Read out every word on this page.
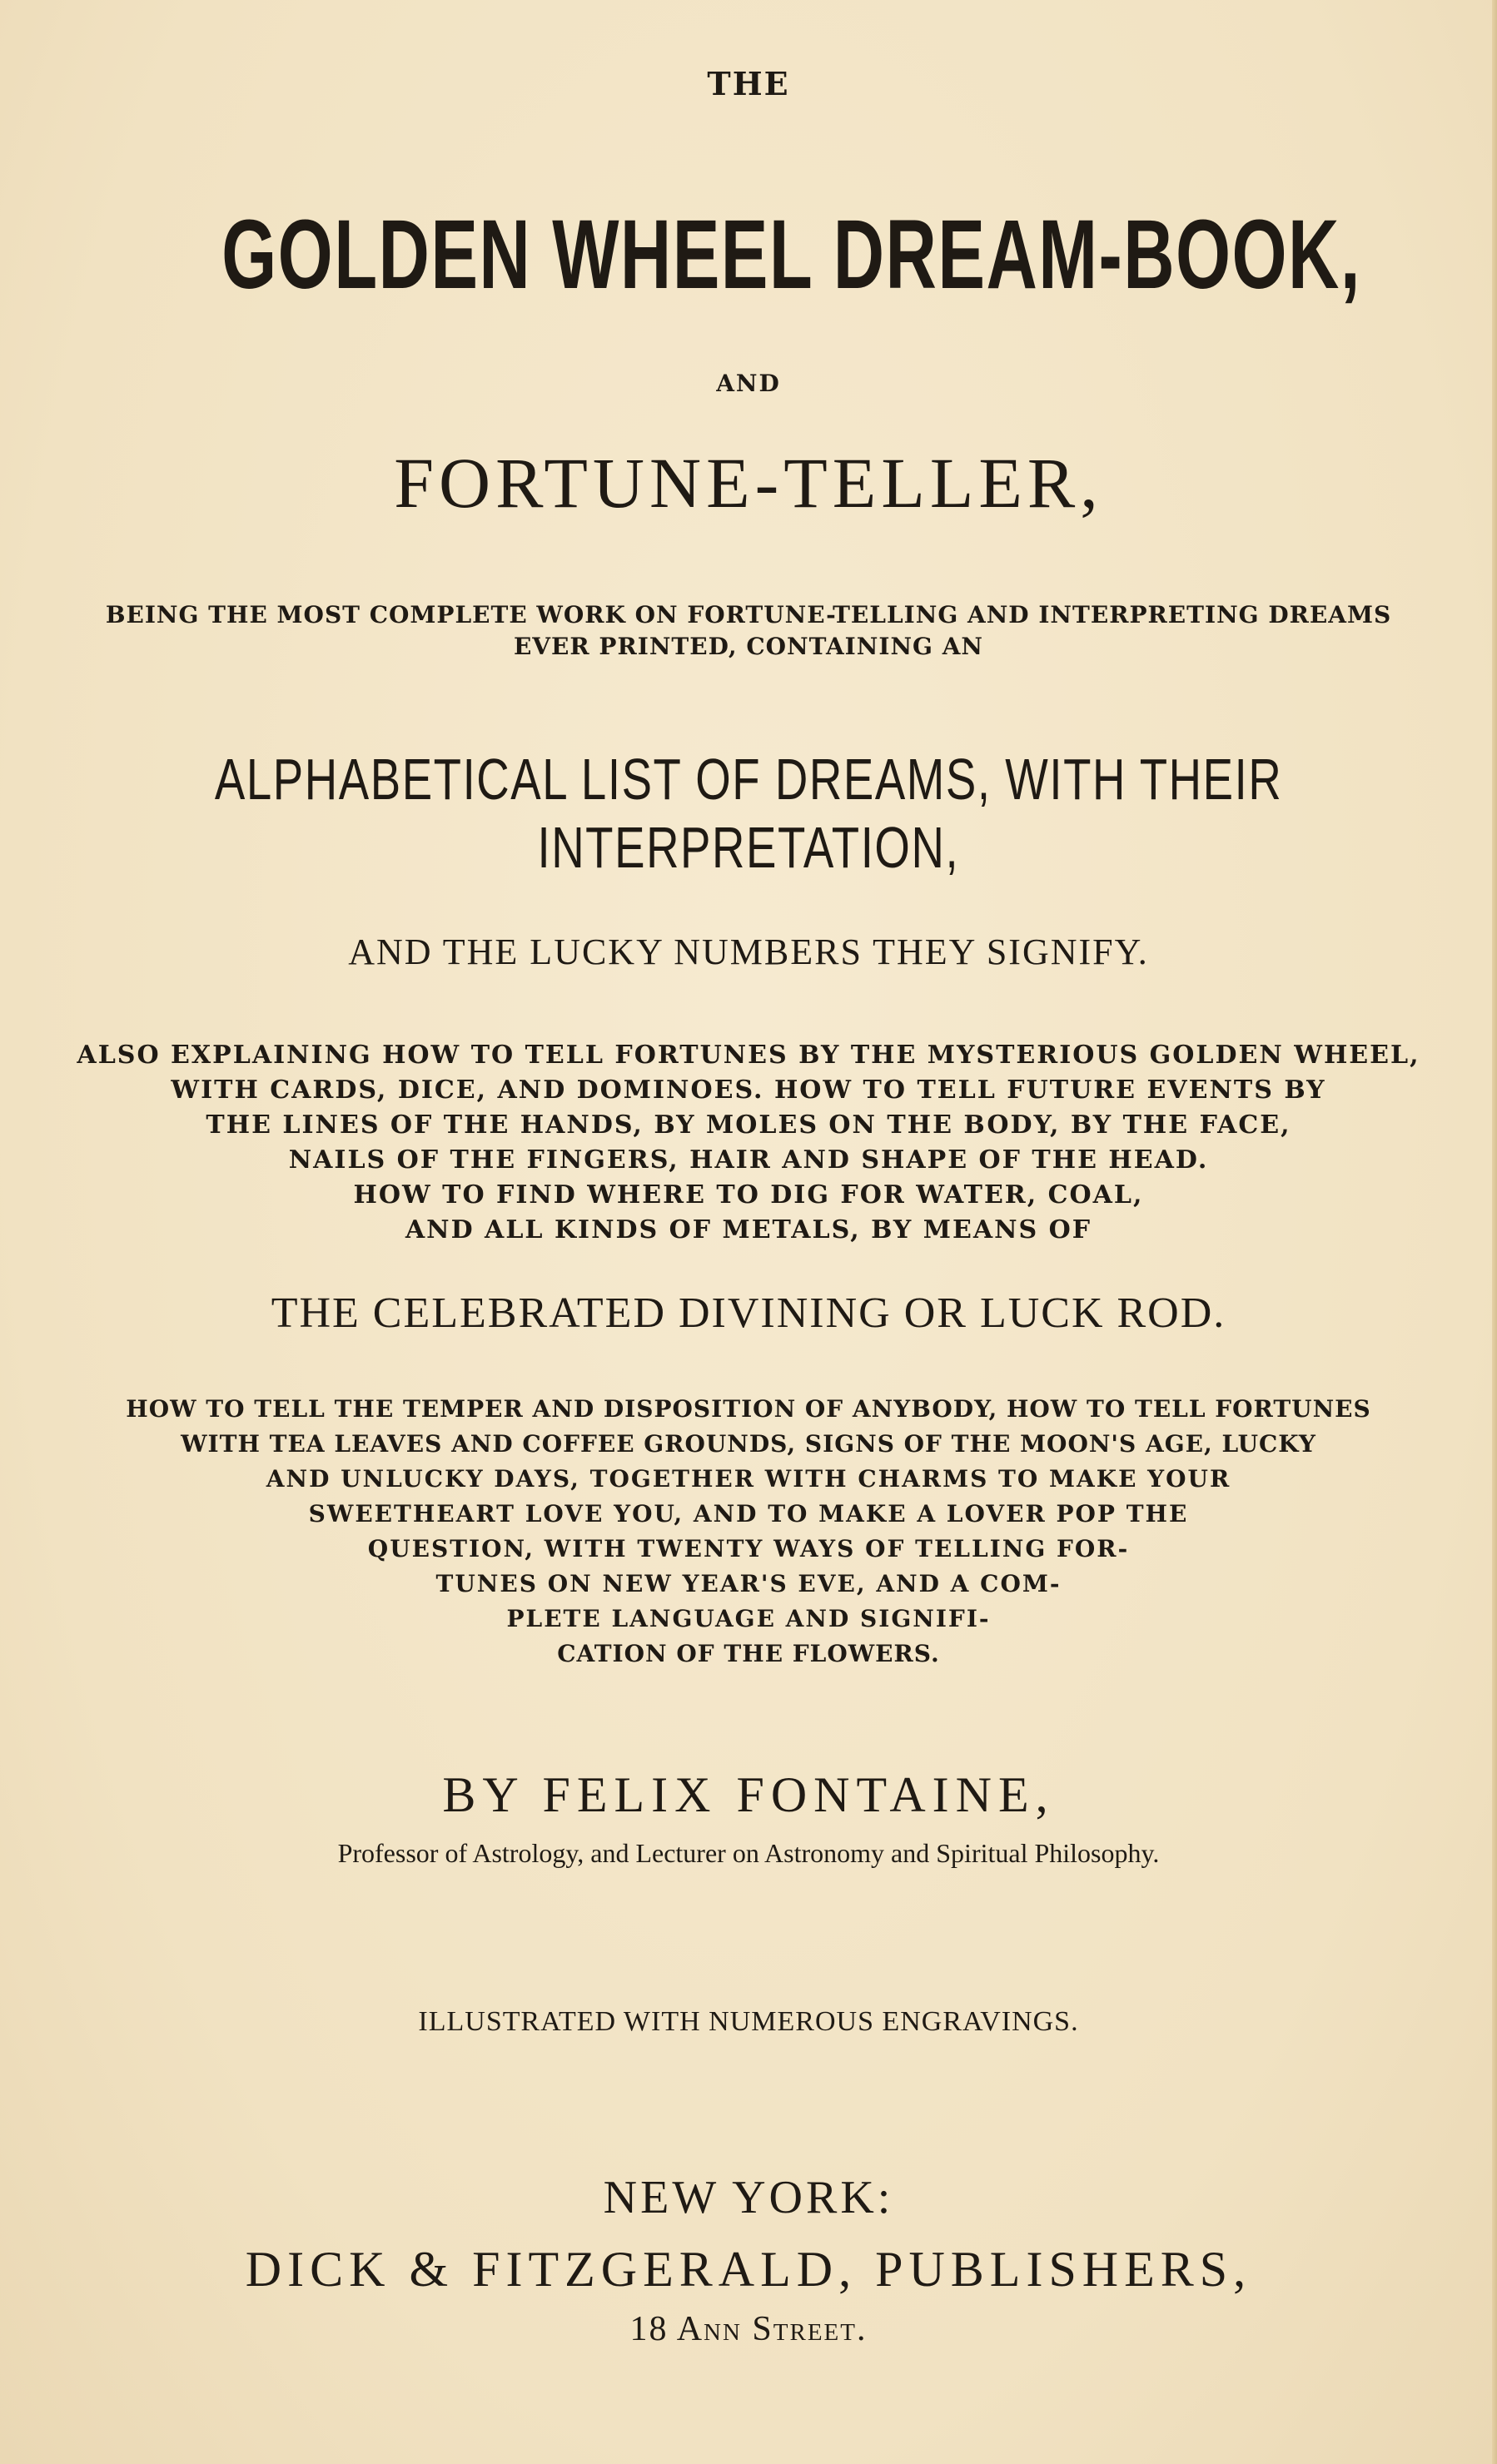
THE
GOLDEN WHEEL DREAM-BOOK,
AND
FORTUNE-TELLER,
BEING THE MOST COMPLETE WORK ON FORTUNE-TELLING AND INTERPRETING DREAMS
EVER PRINTED, CONTAINING AN
ALPHABETICAL LIST OF DREAMS, WITH THEIR
INTERPRETATION,
AND THE LUCKY NUMBERS THEY SIGNIFY.
ALSO EXPLAINING HOW TO TELL FORTUNES BY THE MYSTERIOUS GOLDEN WHEEL,
WITH CARDS, DICE, AND DOMINOES. HOW TO TELL FUTURE EVENTS BY
THE LINES OF THE HANDS, BY MOLES ON THE BODY, BY THE FACE,
NAILS OF THE FINGERS, HAIR AND SHAPE OF THE HEAD.
HOW TO FIND WHERE TO DIG FOR WATER, COAL,
AND ALL KINDS OF METALS, BY MEANS OF
THE CELEBRATED DIVINING OR LUCK ROD.
HOW TO TELL THE TEMPER AND DISPOSITION OF ANYBODY, HOW TO TELL FORTUNES
WITH TEA LEAVES AND COFFEE GROUNDS, SIGNS OF THE MOON'S AGE, LUCKY
AND UNLUCKY DAYS, TOGETHER WITH CHARMS TO MAKE YOUR
SWEETHEART LOVE YOU, AND TO MAKE A LOVER POP THE
QUESTION, WITH TWENTY WAYS OF TELLING FOR-
TUNES ON NEW YEAR'S EVE, AND A COM-
PLETE LANGUAGE AND SIGNIFI-
CATION OF THE FLOWERS.
BY FELIX FONTAINE,
Professor of Astrology, and Lecturer on Astronomy and Spiritual Philosophy.
ILLUSTRATED WITH NUMEROUS ENGRAVINGS.
NEW YORK:
DICK & FITZGERALD, PUBLISHERS,
18 Ann Street.
